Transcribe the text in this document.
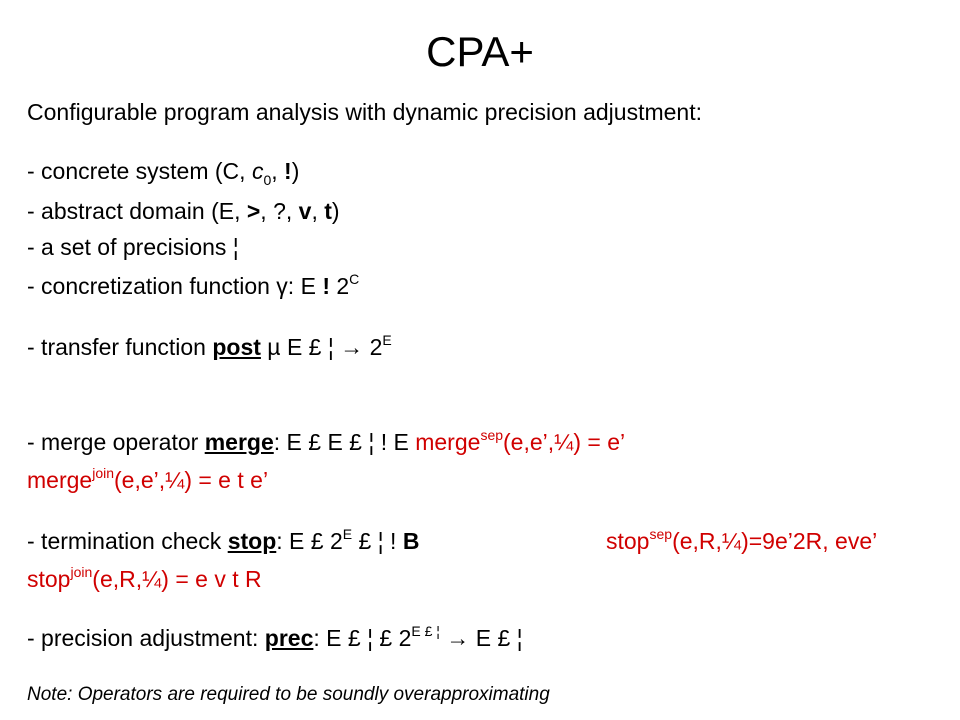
CPA+
Configurable program analysis with dynamic precision adjustment:
- concrete system (C, $c_0$, !)
- abstract domain (E, >, ?, v, t)
- a set of precisions ¦
- concretization function γ: E ! $2^C$
- transfer function post µ E £ ¦ → $2^E$
- merge operator merge: E £ E £ ¦ ! E merge$^{sep}$(e,e’,¼) = e’
merge$^{join}$(e,e’,¼) = e t e’
- termination check stop: E £ $2^E$ £ ¦ ! B	stop$^{sep}$(e,R,¼)=9e’2R, eve’
stop$^{join}$(e,R,¼) = e v t R
- precision adjustment: prec: E £ ¦ £ $2^{E £ ¦} \to E$ £ ¦
Note: Operators are required to be soundly overapproximating
